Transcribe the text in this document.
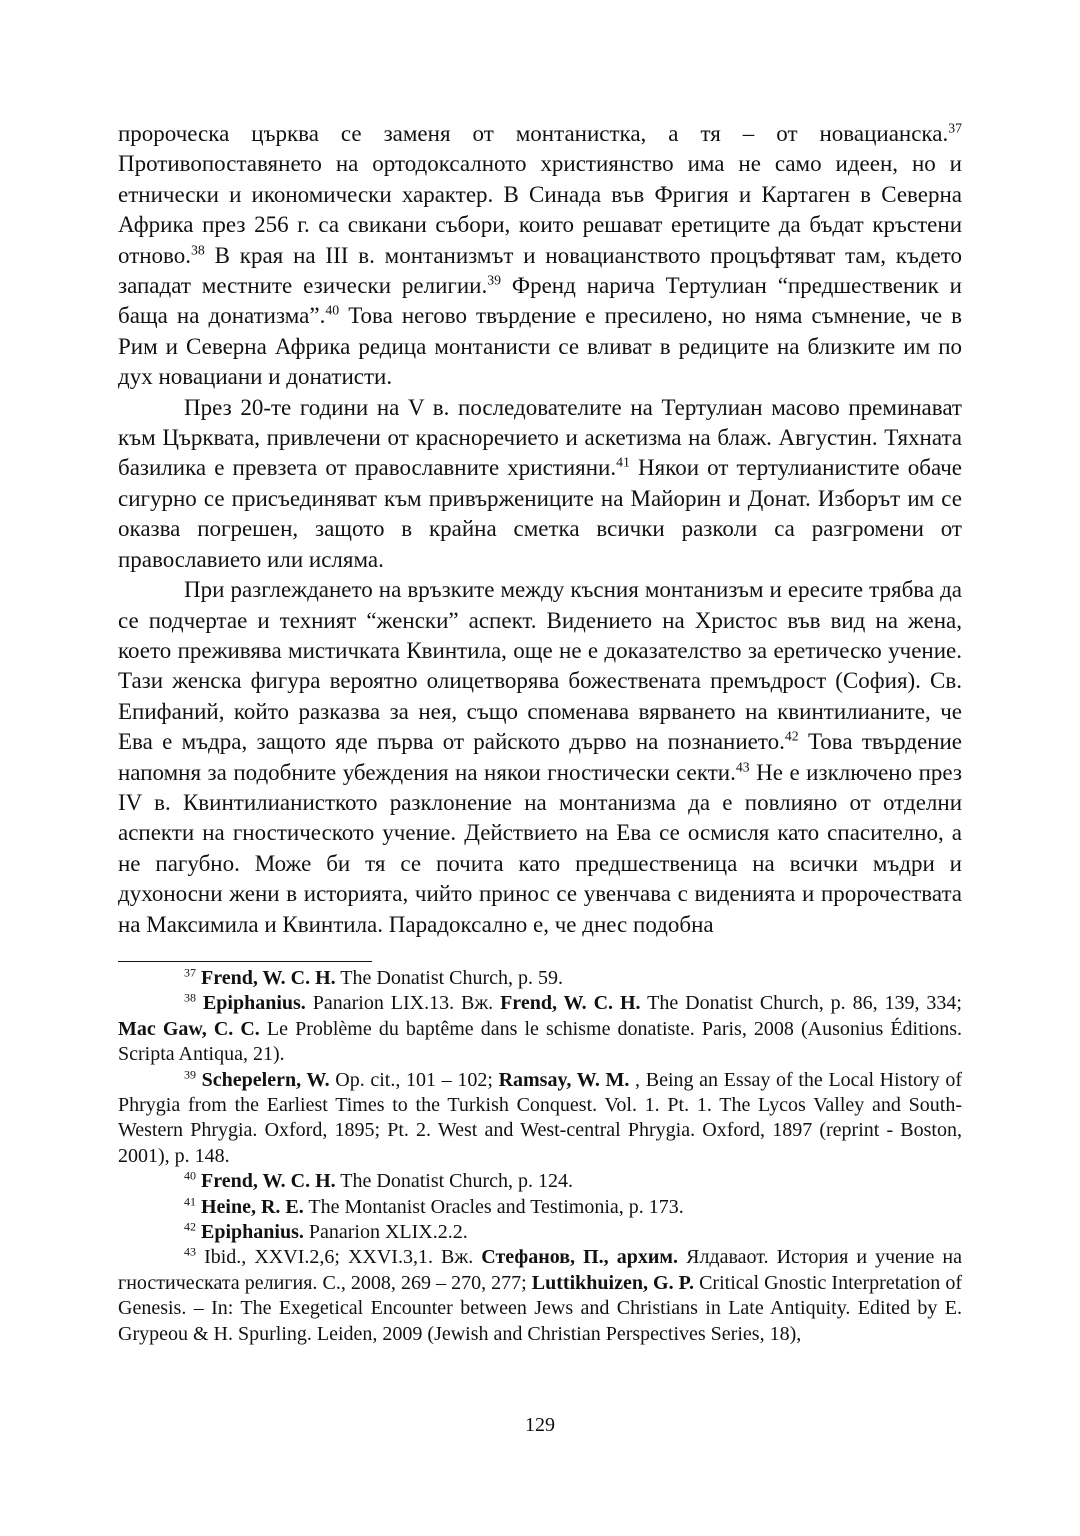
пророческа църква се заменя от монтанистка, а тя – от новацианска.$^{37}$ Противопоставянето на ортодоксалното християнство има не само идеен, но и етнически и икономически характер. В Синада във Фригия и Картаген в Северна Африка през 256 г. са свикани събори, които решават еретиците да бъдат кръстени отново.$^{38}$ В края на III в. монтанизмът и новацианството процъфтяват там, където западат местните езически религии.$^{39}$ Френд нарича Тертулиан “предшественик и баща на донатизма”.$^{40}$ Това негово твърдение е пресилено, но няма съмнение, че в Рим и Северна Африка редица монтанисти се вливат в редиците на близките им по дух новациани и донатисти.

През 20-те години на V в. последователите на Тертулиан масово преминават към Църквата, привлечени от красноречието и аскетизма на блаж. Августин. Тяхната базилика е превзета от православните християни.$^{41}$ Някои от тертулианистите обаче сигурно се присъединяват към привържениците на Майорин и Донат. Изборът им се оказва погрешен, защото в крайна сметка всички разколи са разгромени от православието или исляма.

При разглеждането на връзките между късния монтанизъм и ересите трябва да се подчертае и техният “женски” аспект. Видението на Христос във вид на жена, което преживява мистичката Квинтила, още не е доказателство за еретическо учение. Тази женска фигура вероятно олицетворява божествената премъдрост (София). Св. Епифаний, който разказва за нея, също споменава вярването на квинтилианите, че Ева е мъдра, защото яде първа от райското дърво на познанието.$^{42}$ Това твърдение напомня за подобните убеждения на някои гностически секти.$^{43}$ Не е изключено през IV в. Квинтилианисткото разклонение на монтанизма да е повлияно от отделни аспекти на гностическото учение. Действието на Ева се осмисля като спасително, а не пагубно. Може би тя се почита като предшественица на всички мъдри и духоносни жени в историята, чийто принос се увенчава с виденията и пророчествата на Максимила и Квинтила. Парадоксално е, че днес подобна

$^{37}$ Frend, W. C. H. The Donatist Church, p. 59.

$^{38}$ Epiphanius. Panarion LIX.13. Вж. Frend, W. C. H. The Donatist Church, p. 86, 139, 334; Mac Gaw, C. C. Le Problème du baptême dans le schisme donatiste. Paris, 2008 (Ausonius Éditions. Scripta Antiqua, 21).

$^{39}$ Schepelern, W. Op. cit., 101 – 102; Ramsay, W. M. , Being an Essay of the Local History of Phrygia from the Earliest Times to the Turkish Conquest. Vol. 1. Pt. 1. The Lycos Valley and South-Western Phrygia. Oxford, 1895; Pt. 2. West and West-central Phrygia. Oxford, 1897 (reprint - Boston, 2001), p. 148.

$^{40}$ Frend, W. C. H. The Donatist Church, p. 124.

$^{41}$ Heine, R. E. The Montanist Oracles and Testimonia, p. 173.

$^{42}$ Epiphanius. Panarion XLIX.2.2.

$^{43}$ Ibid., XXVI.2,6; XXVI.3,1. Вж. Стефанов, П., архим. Ялдаваот. История и учение на гностическата религия. С., 2008, 269 – 270, 277; Luttikhuizen, G. P. Critical Gnostic Interpretation of Genesis. – In: The Exegetical Encounter between Jews and Christians in Late Antiquity. Edited by E. Grypeou & H. Spurling. Leiden, 2009 (Jewish and Christian Perspectives Series, 18),

129
